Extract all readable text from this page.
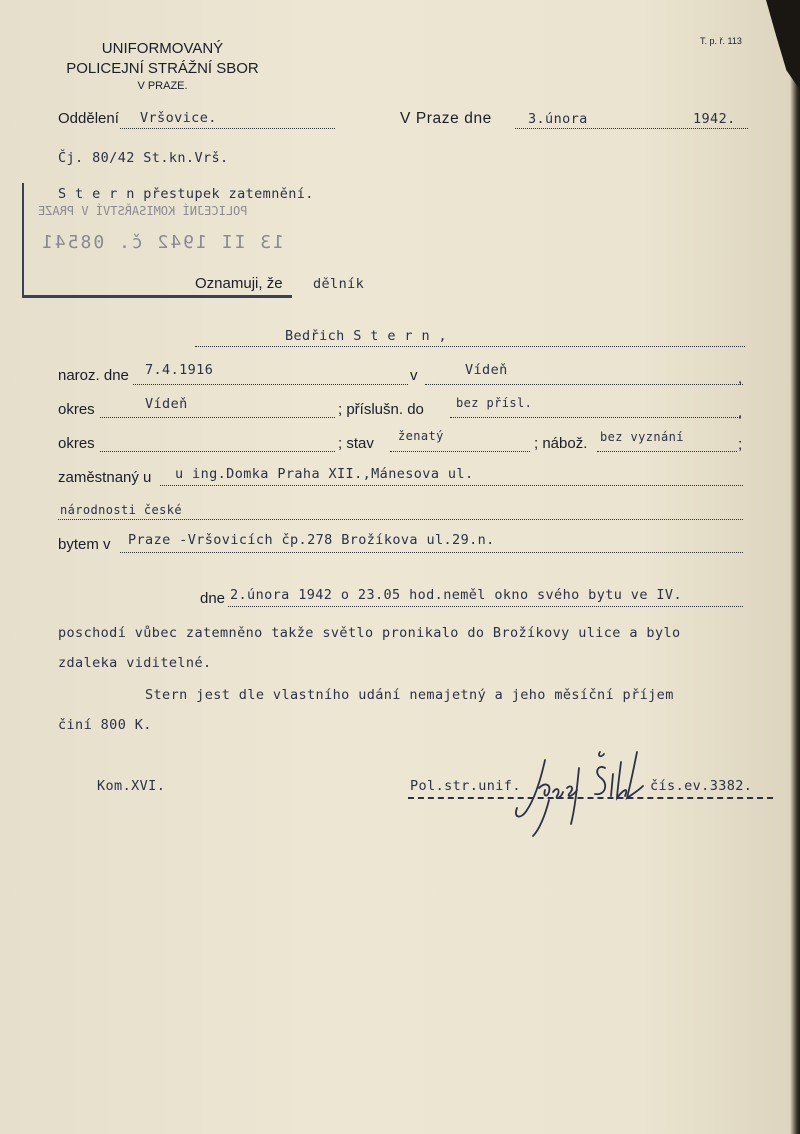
UNIFORMOVANÝ
POLICEJNÍ STRÁŽNÍ SBOR
V PRAZE.
T. p. ř. 113
Oddělení Vršovice.	V Praze dne	3.února	1942.
Čj. 80/42 St.kn.Vrš.
S t e r n přestupek zatemnění.
POLICEJNÍ KOMISAŘSTVÍ V PRAZE
13 II 1942 č. 08541
Oznamuji, že dělník
Bedřich S t e r n ,
naroz. dne 7.4.1916	v	Vídeň	,
okres	Vídeň	; příslušn. do	bez přísl.
,
okres	; stav ženatý	; nábož. bez vyznání	;
zaměstnaný u u ing.Domka Praha XII.,Mánesova ul.
národnosti české
bytem v Praze -Vršovicích čp.278 Brožíkova ul.29.n.
dne 2.února 1942 o 23.05 hod.neměl okno svého bytu ve IV.
poschodí vůbec zatemněno takže světlo pronikalo do Brožíkovy ulice a bylo
zdaleka viditelné.
Stern jest dle vlastního udání nemajetný a jeho měsíční příjem
činí 800 K.
Kom.XVI.	Pol.str.unif.	čís.ev.3382.
